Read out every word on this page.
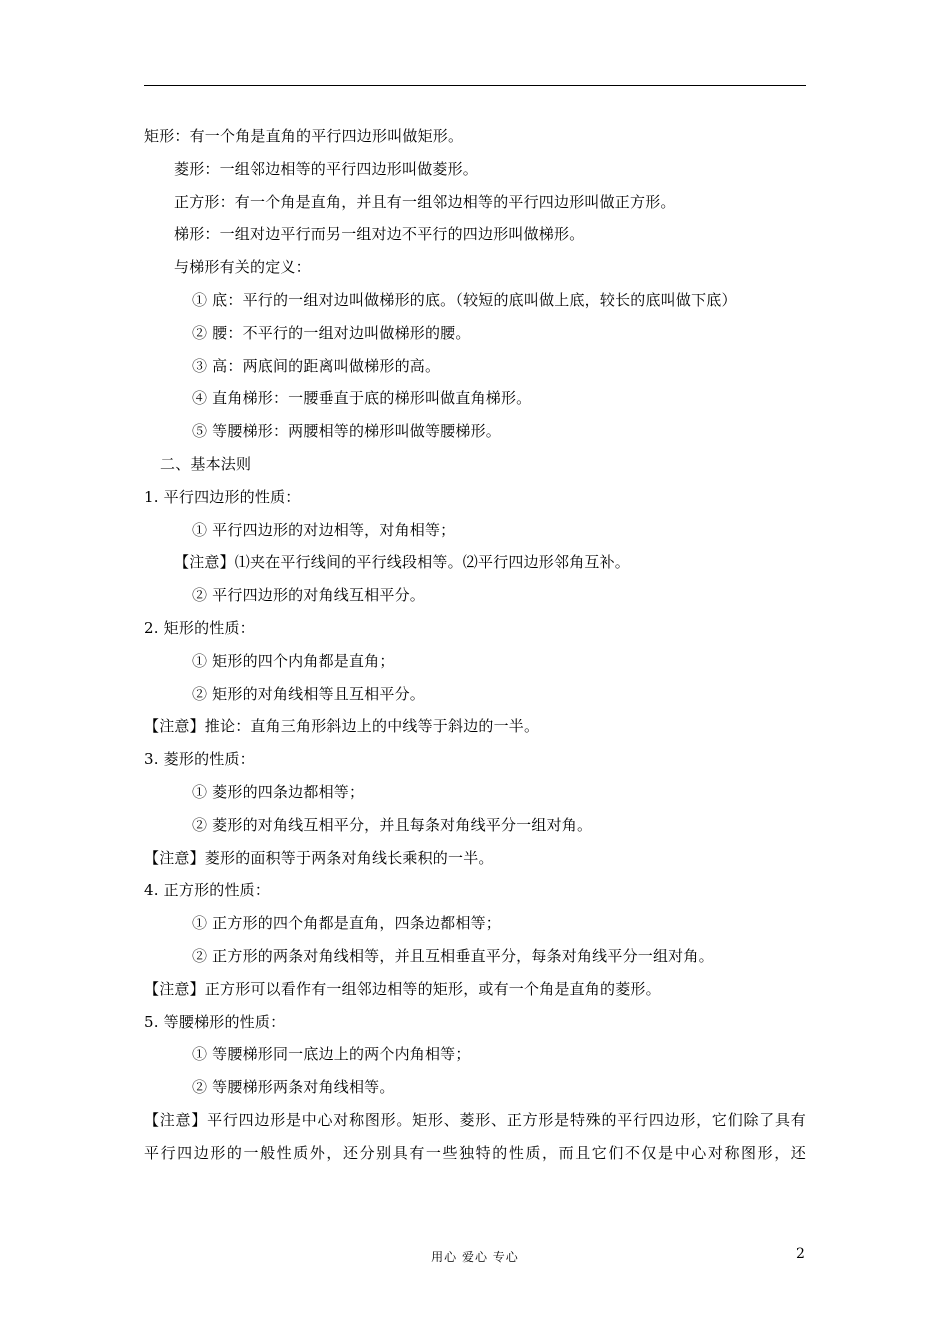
矩形：有一个角是直角的平行四边形叫做矩形。
菱形：一组邻边相等的平行四边形叫做菱形。
正方形：有一个角是直角，并且有一组邻边相等的平行四边形叫做正方形。
梯形：一组对边平行而另一组对边不平行的四边形叫做梯形。
与梯形有关的定义：
① 底：平行的一组对边叫做梯形的底。（较短的底叫做上底，较长的底叫做下底）
② 腰：不平行的一组对边叫做梯形的腰。
③ 高：两底间的距离叫做梯形的高。
④ 直角梯形：一腰垂直于底的梯形叫做直角梯形。
⑤ 等腰梯形：两腰相等的梯形叫做等腰梯形。
二、基本法则
1. 平行四边形的性质：
① 平行四边形的对边相等，对角相等；
【注意】⑴夹在平行线间的平行线段相等。⑵平行四边形邻角互补。
② 平行四边形的对角线互相平分。
2. 矩形的性质：
① 矩形的四个内角都是直角；
② 矩形的对角线相等且互相平分。
【注意】推论：直角三角形斜边上的中线等于斜边的一半。
3. 菱形的性质：
① 菱形的四条边都相等；
② 菱形的对角线互相平分，并且每条对角线平分一组对角。
【注意】菱形的面积等于两条对角线长乘积的一半。
4. 正方形的性质：
① 正方形的四个角都是直角，四条边都相等；
② 正方形的两条对角线相等，并且互相垂直平分，每条对角线平分一组对角。
【注意】正方形可以看作有一组邻边相等的矩形，或有一个角是直角的菱形。
5. 等腰梯形的性质：
① 等腰梯形同一底边上的两个内角相等；
② 等腰梯形两条对角线相等。
【注意】平行四边形是中心对称图形。矩形、菱形、正方形是特殊的平行四边形，它们除了具有
平行四边形的一般性质外，还分别具有一些独特的性质，而且它们不仅是中心对称图形，还
用心 爱心 专心	2
